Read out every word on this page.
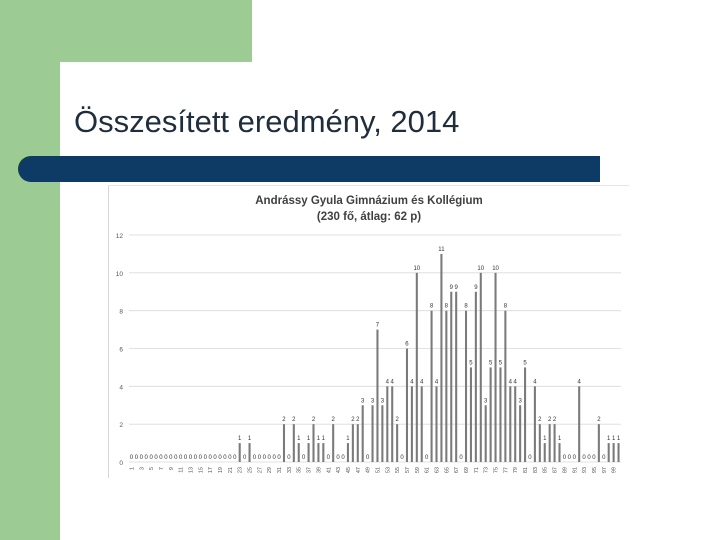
Összesített eredmény, 2014
Andrássy Gyula Gimnázium és Kollégium
(230 fő, átlag: 62 p)
0 0 0 0 0 0 0 0 0 0 0 0 0 0 0 0 0 0 0 0 0 0
1
0
1
0 0 0 0 0 0
2
0
2
1
0
1
2
1 1
0
2
0 0
1
2 2
3
0
3
7
3
4 4
2
0
6
4
10
4
0
8
4
11
8
9 9
0
8
5
9
10
3
5
10
5
8
4 4
3
5
0
4
2
1
2 2
1
0 0 0
4
0 0 0
2
0
1 1 1
0
2
4
6
8
10
12
1 3 5 7 9 11 13 15 17 19 21 23 25 27 29 31 33 35 37 39 41 43 45 47 49 51 53 55 57 59 61 63 65 67 69 71 73 75 77 79 81 83 85 87 89 91 93 95 97 99
